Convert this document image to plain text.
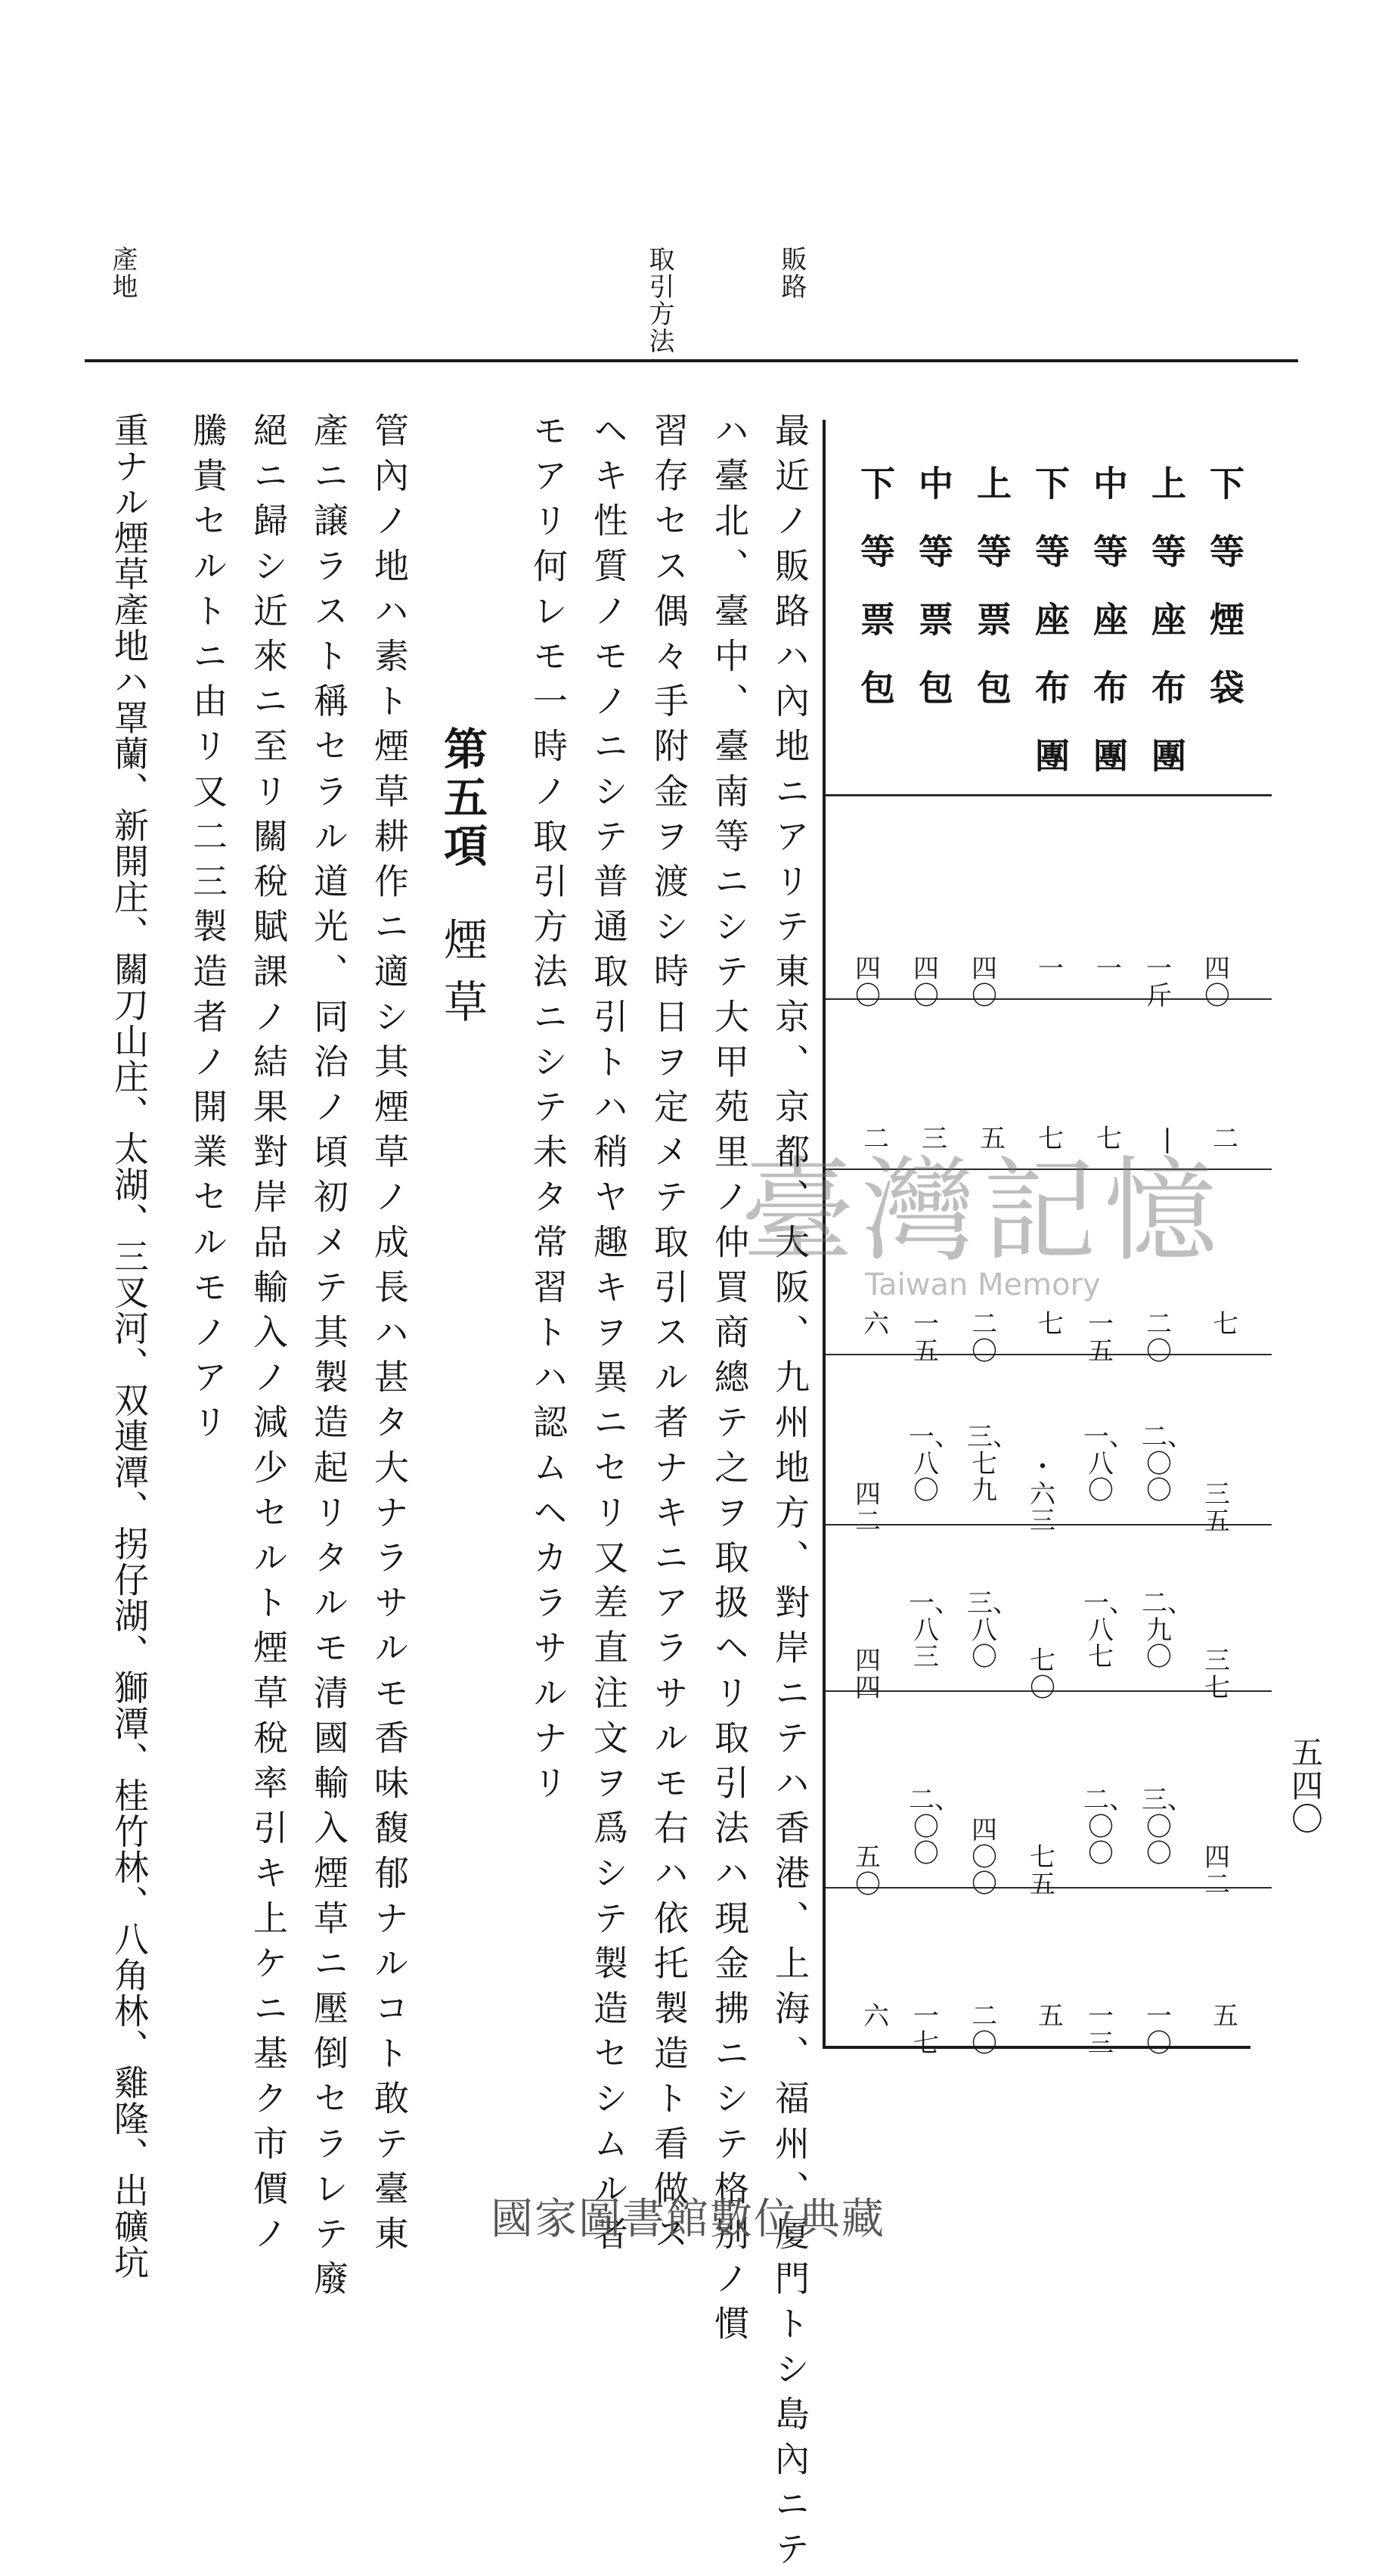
販路
取引方法
產地
五四〇
下等煙袋
上等座布團
中等座布團
下等座布團
上等票包
中等票包
下等票包
四〇
二
七
三五
三七
四二
五
一斤
|
二〇
二、
〇〇
二、
九〇
三、
〇〇
一〇
一
七
一五
一、
八〇
一、
八七
二、
〇〇
一三
一
七
七
・六三
七〇
七五
五
四〇
五
二〇
三、
七九
三、
八〇
四〇〇
二〇
四〇
三
一五
一、
八〇
一、
八三
二、
〇〇
一七
四〇
二
六
四二
四四
五〇
六
臺灣記憶
Taiwan Memory
最近ノ販路ハ內地ニアリテ東京、京都、大阪、九州地方、對岸ニテハ香港、上海、福州、厦門トシ島內ニテ
ハ臺北、臺中、臺南等ニシテ大甲苑里ノ仲買商總テ之ヲ取扱ヘリ取引法ハ現金拂ニシテ格別ノ慣
習存セス偶々手附金ヲ渡シ時日ヲ定メテ取引スル者ナキニアラサルモ右ハ依托製造ト看做ス
ヘキ性質ノモノニシテ普通取引トハ稍ヤ趣キヲ異ニセリ又差直注文ヲ爲シテ製造セシムル者
モアリ何レモ一時ノ取引方法ニシテ未タ常習トハ認ムヘカラサルナリ
第五項煙草
管內ノ地ハ素ト煙草耕作ニ適シ其煙草ノ成長ハ甚タ大ナラサルモ香味馥郁ナルコト敢テ臺東
產ニ譲ラスト稱セラル道光、同治ノ頃初メテ其製造起リタルモ清國輸入煙草ニ壓倒セラレテ廢
絕ニ歸シ近來ニ至リ關稅賦課ノ結果對岸品輸入ノ減少セルト煙草稅率引キ上ケニ基ク市價ノ
騰貴セルトニ由リ又二三製造者ノ開業セルモノアリ
重ナル煙草產地ハ罩蘭、新開庄、關刀山庄、太湖、三叉河、双連潭、拐仔湖、獅潭、桂竹林、八角林、雞隆、出礦坑	國家圖書館數位典藏
